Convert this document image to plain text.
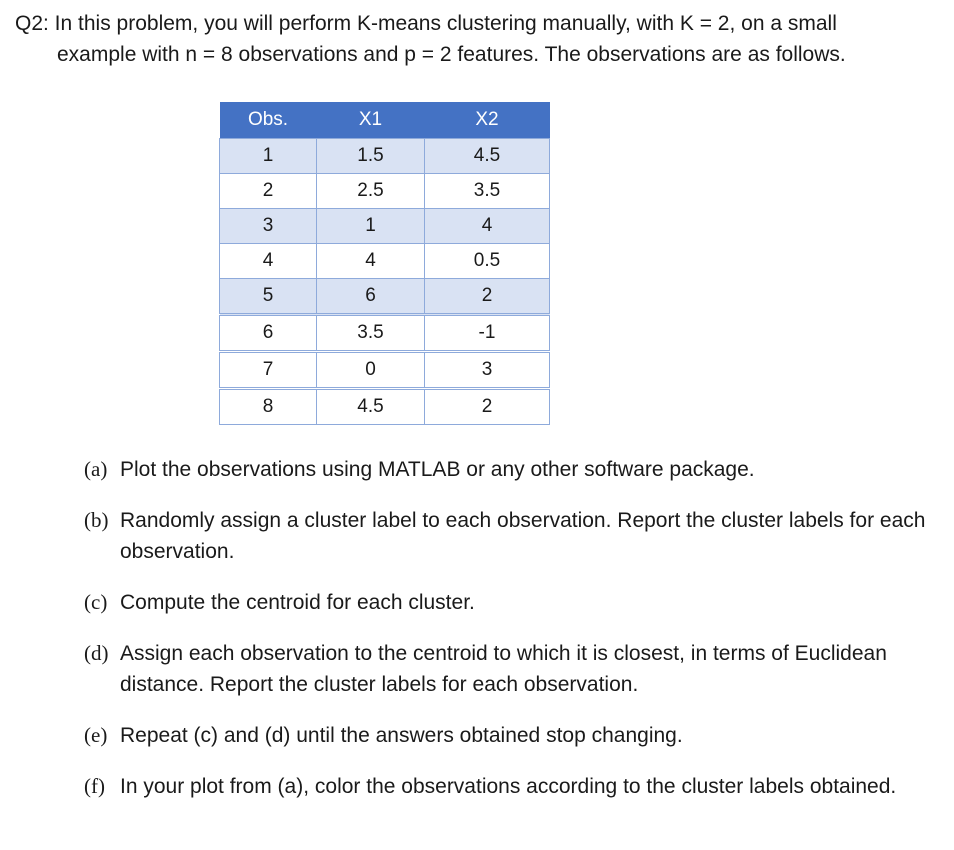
Q2: In this problem, you will perform K-means clustering manually, with K = 2, on a small
example with n = 8 observations and p = 2 features. The observations are as follows.
Obs.	X1	X2
1	1.5	4.5
2	2.5	3.5
3	1	4
4	4	0.5
5	6	2
6	3.5	-1
7	0	3
8	4.5	2
(a) Plot the observations using MATLAB or any other software package.
(b) Randomly assign a cluster label to each observation. Report the cluster labels for each observation.
(c) Compute the centroid for each cluster.
(d) Assign each observation to the centroid to which it is closest, in terms of Euclidean distance. Report the cluster labels for each observation.
(e) Repeat (c) and (d) until the answers obtained stop changing.
(f) In your plot from (a), color the observations according to the cluster labels obtained.
